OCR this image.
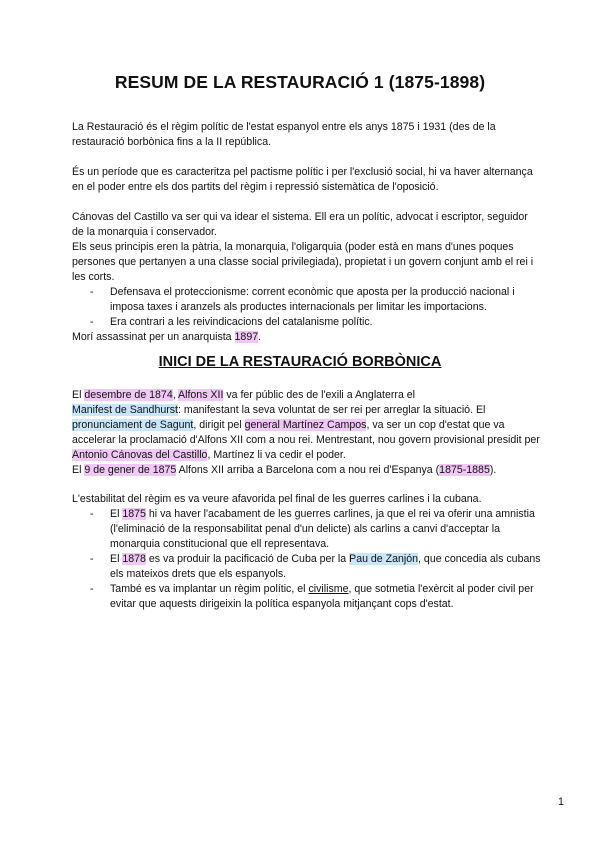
RESUM DE LA RESTAURACIÓ 1 (1875-1898)

La Restauració és el règim polític de l'estat espanyol entre els anys 1875 i 1931 (des de la

restauració borbònica fins a la II república.

És un període que es caracteritza pel pactisme polític i per l'exclusió social, hi va haver alternança

en el poder entre els dos partits del règim i repressió sistemàtica de l'oposició.

Cánovas del Castillo va ser qui va idear el sistema. Ell era un polític, advocat i escriptor, seguidor

de la monarquia i conservador.

Els seus principis eren la pàtria, la monarquia, l'oligarquia (poder està en mans d'unes poques

persones que pertanyen a una classe social privilegiada), propietat i un govern conjunt amb el rei i

les corts.

- Defensava el proteccionisme: corrent econòmic que aposta per la producció nacional i

imposa taxes i aranzels als productes internacionals per limitar les importacions.

- Era contrari a les reivindicacions del catalanisme polític.

Morí assassinat per un anarquista 1897.

INICI DE LA RESTAURACIÓ BORBÒNICA

El desembre de 1874, Alfons XII va fer públic des de l'exili a Anglaterra el

Manifest de Sandhurst: manifestant la seva voluntat de ser rei per arreglar la situació. El

pronunciament de Sagunt, dirigit pel general Martínez Campos, va ser un cop d'estat que va

accelerar la proclamació d'Alfons XII com a nou rei. Mentrestant, nou govern provisional presidit per

Antonio Cánovas del Castillo, Martínez li va cedir el poder.

El 9 de gener de 1875 Alfons XII arriba a Barcelona com a nou rei d'Espanya (1875-1885).

L'estabilitat del règim es va veure afavorida pel final de les guerres carlines i la cubana.

- El 1875 hi va haver l'acabament de les guerres carlines, ja que el rei va oferir una amnistia

(l'eliminació de la responsabilitat penal d'un delicte) als carlins a canvi d'acceptar la

monarquia constitucional que ell representava.

- El 1878 es va produir la pacificació de Cuba per la Pau de Zanjón, que concedia als cubans

els mateixos drets que els espanyols.

- També es va implantar un règim polític, el civilisme, que sotmetia l'exèrcit al poder civil per

evitar que aquests dirigeixin la política espanyola mitjançant cops d'estat.

1
